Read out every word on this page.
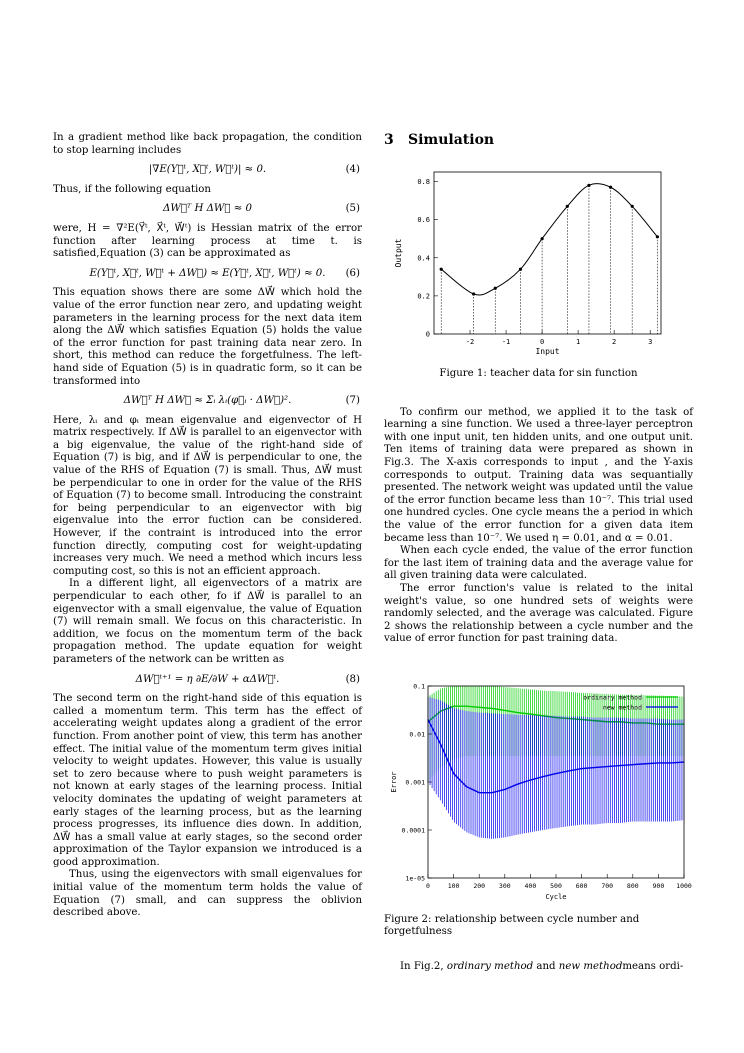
In a gradient method like back propagation, the condition to stop learning includes

|∇E(Y⃗ᵗ, X⃗ᵗ, W⃗ᵗ)| ≈ 0.	(4)

Thus, if the following equation

ΔW⃗ᵀ H ΔW⃗ ≈ 0	(5)

were, H = ∇²E(Y⃗ᵗ, X⃗ᵗ, W⃗ᵗ) is Hessian matrix of the error function after learning process at time t. is satisfied,Equation (3) can be approximated as

E(Y⃗ᵗ, X⃗ᵗ, W⃗ᵗ + ΔW⃗) ≈ E(Y⃗ᵗ, X⃗ᵗ, W⃗ᵗ) ≈ 0. (6)

This equation shows there are some ΔW⃗ which hold the value of the error function near zero, and updating weight parameters in the learning process for the next data item along the ΔW⃗ which satisfies Equation (5) holds the value of the error function for past training data near zero. In short, this method can reduce the forgetfulness. The left-hand side of Equation (5) is in quadratic form, so it can be transformed into

ΔW⃗ᵀ H ΔW⃗ ≈ Σᵢ λᵢ(φ⃗ᵢ · ΔW⃗)².	(7)

Here, λᵢ and φᵢ mean eigenvalue and eigenvector of H matrix respectively. If ΔW⃗ is parallel to an eigenvector with a big eigenvalue, the value of the right-hand side of Equation (7) is big, and if ΔW⃗ is perpendicular to one, the value of the RHS of Equation (7) is small. Thus, ΔW⃗ must be perpendicular to one in order for the value of the RHS of Equation (7) to become small. Introducing the constraint for being perpendicular to an eigenvector with big eigenvalue into the error fuction can be considered. However, if the contraint is introduced into the error function directly, computing cost for weight-updating increases very much. We need a method which incurs less computing cost, so this is not an efficient approach.

In a different light, all eigenvectors of a matrix are perpendicular to each other, fo if ΔW⃗ is parallel to an eigenvector with a small eigenvalue, the value of Equation (7) will remain small. We focus on this characteristic. In addition, we focus on the momentum term of the back propagation method. The update equation for weight parameters of the network can be written as

ΔW⃗ᵗ⁺¹ = η ∂E/∂W + αΔW⃗ᵗ.	(8)

The second term on the right-hand side of this equation is called a momentum term. This term has the effect of accelerating weight updates along a gradient of the error function. From another point of view, this term has another effect. The initial value of the momentum term gives initial velocity to weight updates. However, this value is usually set to zero because where to push weight parameters is not known at early stages of the learning process. Initial velocity dominates the updating of weight parameters at early stages of the learning process, but as the learning process progresses, its influence dies down. In addition, ΔW⃗ has a small value at early stages, so the second order approximation of the Taylor expansion we introduced is a good approximation.

Thus, using the eigenvectors with small eigenvalues for initial value of the momentum term holds the value of Equation (7) small, and can suppress the oblivion described above.

3 Simulation
-2	-1	0	1	2	3
0
0.2
0.4
0.6
0.8
Input
Output

Figure 1: teacher data for sin function

To confirm our method, we applied it to the task of learning a sine function. We used a three-layer perceptron with one input unit, ten hidden units, and one output unit. Ten items of training data were prepared as shown in Fig.3. The X-axis corresponds to input , and the Y-axis corresponds to output. Training data was sequantially presented. The network weight was updated until the value of the error function became less than 10⁻⁷. This trial used one hundred cycles. One cycle means the a period in which the value of the error function for a given data item became less than 10⁻⁷. We used η = 0.01, and α = 0.01.

When each cycle ended, the value of the error function for the last item of training data and the average value for all given training data were calculated.

The error function's value is related to the inital weight's value, so one hundred sets of weights were randomly selected, and the average was calculated. Figure 2 shows the relationship between a cycle number and the value of error function for past training data.

0	100 200 300 400 500 600 700 800 900 1000
0.1
0.01
0.001
0.0001
1e-05
Cycle
Error
ordinary method
new method

Figure 2: relationship between cycle number and forgetfulness

In Fig.2, ordinary method and new methodmeans ordi-
